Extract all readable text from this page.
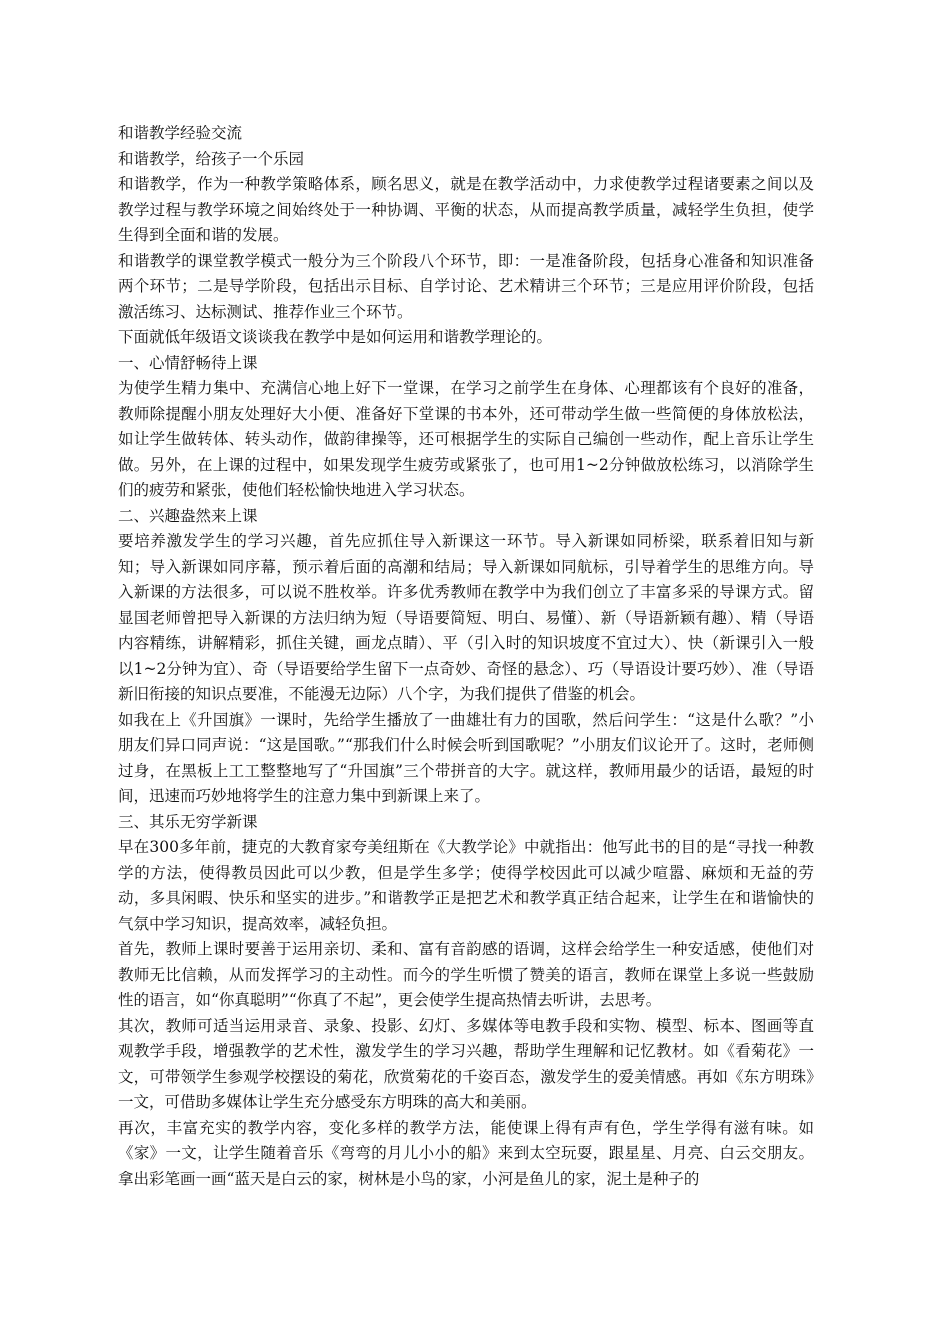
和谐教学经验交流

和谐教学，给孩子一个乐园

和谐教学，作为一种教学策略体系，顾名思义，就是在教学活动中，力求使教学过程诸要素之间以及教学过程与教学环境之间始终处于一种协调、平衡的状态，从而提高教学质量，减轻学生负担，使学生得到全面和谐的发展。

和谐教学的课堂教学模式一般分为三个阶段八个环节，即：一是准备阶段，包括身心准备和知识准备两个环节；二是导学阶段，包括出示目标、自学讨论、艺术精讲三个环节；三是应用评价阶段，包括激活练习、达标测试、推荐作业三个环节。

下面就低年级语文谈谈我在教学中是如何运用和谐教学理论的。

一、心情舒畅待上课

为使学生精力集中、充满信心地上好下一堂课，在学习之前学生在身体、心理都该有个良好的准备，教师除提醒小朋友处理好大小便、准备好下堂课的书本外，还可带动学生做一些简便的身体放松法，如让学生做转体、转头动作，做韵律操等，还可根据学生的实际自己编创一些动作，配上音乐让学生做。另外，在上课的过程中，如果发现学生疲劳或紧张了，也可用1~2分钟做放松练习，以消除学生们的疲劳和紧张，使他们轻松愉快地进入学习状态。

二、兴趣盎然来上课

要培养激发学生的学习兴趣，首先应抓住导入新课这一环节。导入新课如同桥梁，联系着旧知与新知；导入新课如同序幕，预示着后面的高潮和结局；导入新课如同航标，引导着学生的思维方向。导入新课的方法很多，可以说不胜枚举。许多优秀教师在教学中为我们创立了丰富多采的导课方式。留显国老师曾把导入新课的方法归纳为短（导语要简短、明白、易懂）、新（导语新颖有趣）、精（导语内容精练，讲解精彩，抓住关键，画龙点睛）、平（引入时的知识坡度不宜过大）、快（新课引入一般以1~2分钟为宜）、奇（导语要给学生留下一点奇妙、奇怪的悬念）、巧（导语设计要巧妙）、准（导语新旧衔接的知识点要准，不能漫无边际）八个字，为我们提供了借鉴的机会。

如我在上《升国旗》一课时，先给学生播放了一曲雄壮有力的国歌，然后问学生：“这是什么歌？”小朋友们异口同声说：“这是国歌。”“那我们什么时候会听到国歌呢？”小朋友们议论开了。这时，老师侧过身，在黑板上工工整整地写了“升国旗”三个带拼音的大字。就这样，教师用最少的话语，最短的时间，迅速而巧妙地将学生的注意力集中到新课上来了。

三、其乐无穷学新课

早在300多年前，捷克的大教育家夸美纽斯在《大教学论》中就指出：他写此书的目的是“寻找一种教学的方法，使得教员因此可以少教，但是学生多学；使得学校因此可以减少喧嚣、麻烦和无益的劳动，多具闲暇、快乐和坚实的进步。”和谐教学正是把艺术和教学真正结合起来，让学生在和谐愉快的气氛中学习知识，提高效率，减轻负担。

首先，教师上课时要善于运用亲切、柔和、富有音韵感的语调，这样会给学生一种安适感，使他们对教师无比信赖，从而发挥学习的主动性。而今的学生听惯了赞美的语言，教师在课堂上多说一些鼓励性的语言，如“你真聪明”“你真了不起”，更会使学生提高热情去听讲，去思考。

其次，教师可适当运用录音、录象、投影、幻灯、多媒体等电教手段和实物、模型、标本、图画等直观教学手段，增强教学的艺术性，激发学生的学习兴趣，帮助学生理解和记忆教材。如《看菊花》一文，可带领学生参观学校摆设的菊花，欣赏菊花的千姿百态，激发学生的爱美情感。再如《东方明珠》一文，可借助多媒体让学生充分感受东方明珠的高大和美丽。

再次，丰富充实的教学内容，变化多样的教学方法，能使课上得有声有色，学生学得有滋有味。如《家》一文，让学生随着音乐《弯弯的月儿小小的船》来到太空玩耍，跟星星、月亮、白云交朋友。拿出彩笔画一画“蓝天是白云的家，树林是小鸟的家，小河是鱼儿的家，泥土是种子的
